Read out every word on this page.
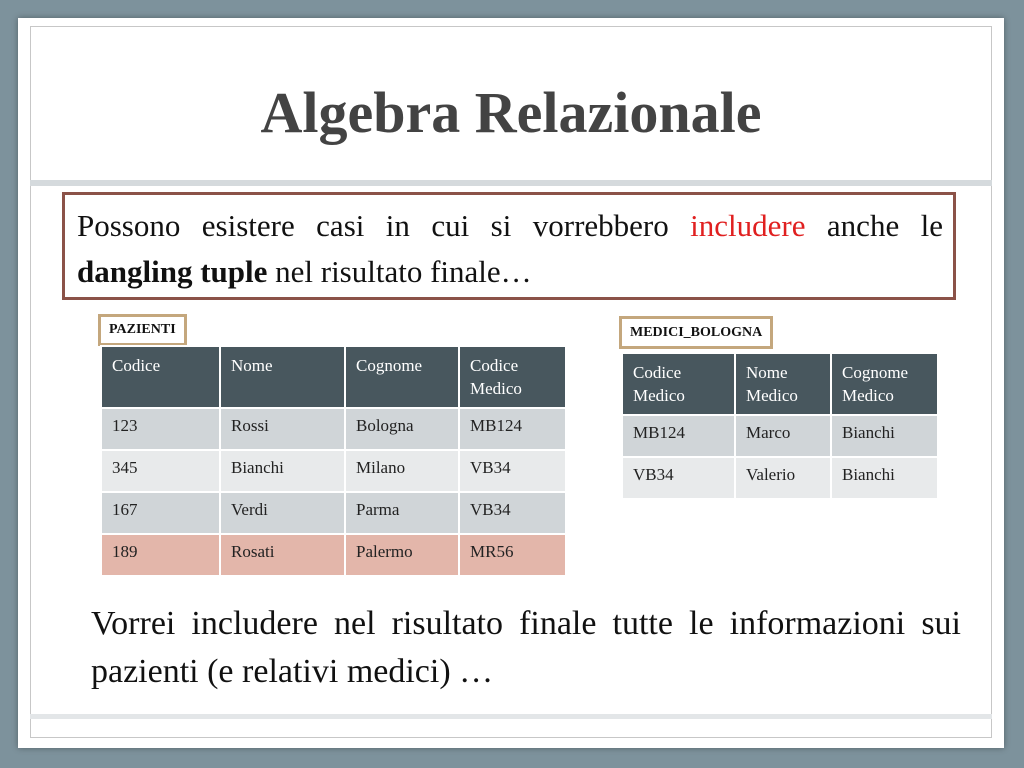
Algebra Relazionale
Possono esistere casi in cui si vorrebbero includere anche le dangling tuple nel risultato finale…
PAZIENTI
Codice	Nome	Cognome	Codice Medico
123	Rossi	Bologna	MB124
345	Bianchi	Milano	VB34
167	Verdi	Parma	VB34
189	Rosati	Palermo	MR56
MEDICI_BOLOGNA
Codice Medico	Nome Medico	Cognome Medico
MB124	Marco	Bianchi
VB34	Valerio	Bianchi
Vorrei includere nel risultato finale tutte le informazioni sui pazienti (e relativi medici) …
